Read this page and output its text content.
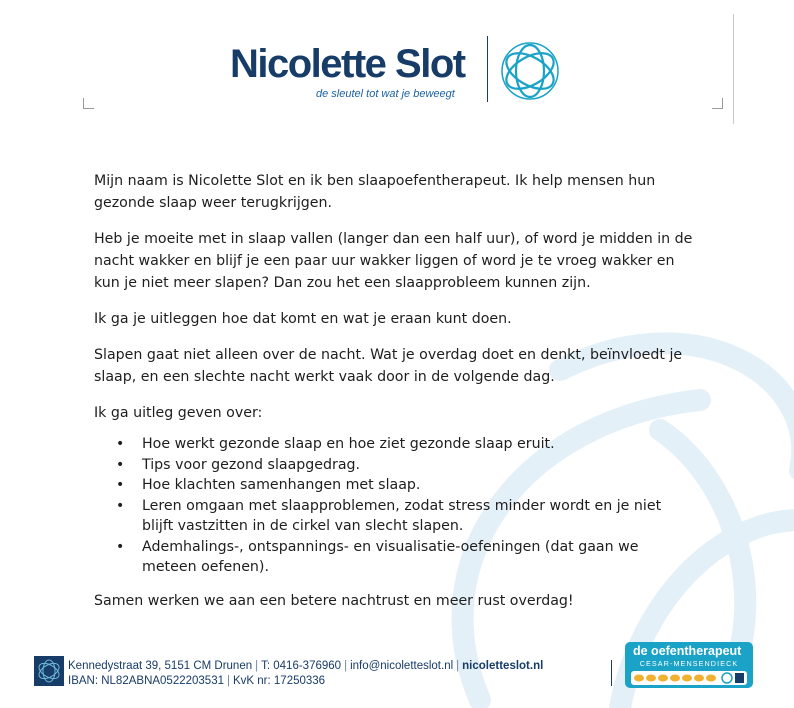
Nicolette Slot
de sleutel tot wat je beweegt

Mijn naam is Nicolette Slot en ik ben slaapoefentherapeut. Ik help mensen hun gezonde slaap weer terugkrijgen.

Heb je moeite met in slaap vallen (langer dan een half uur), of word je midden in de nacht wakker en blijf je een paar uur wakker liggen of word je te vroeg wakker en kun je niet meer slapen? Dan zou het een slaapprobleem kunnen zijn.

Ik ga je uitleggen hoe dat komt en wat je eraan kunt doen.

Slapen gaat niet alleen over de nacht. Wat je overdag doet en denkt, beïnvloedt je slaap, en een slechte nacht werkt vaak door in de volgende dag.

Ik ga uitleg geven over:

• Hoe werkt gezonde slaap en hoe ziet gezonde slaap eruit.
• Tips voor gezond slaapgedrag.
• Hoe klachten samenhangen met slaap.
• Leren omgaan met slaapproblemen, zodat stress minder wordt en je niet blijft vastzitten in de cirkel van slecht slapen.
• Ademhalings-, ontspannings- en visualisatie-oefeningen (dat gaan we meteen oefenen).

Samen werken we aan een betere nachtrust en meer rust overdag!

Kennedystraat 39, 5151 CM Drunen | T: 0416-376960 | info@nicoletteslot.nl | nicoletteslot.nl
IBAN: NL82ABNA0522203531 | KvK nr: 17250336
de oefentherapeut
CESAR-MENSENDIECK
